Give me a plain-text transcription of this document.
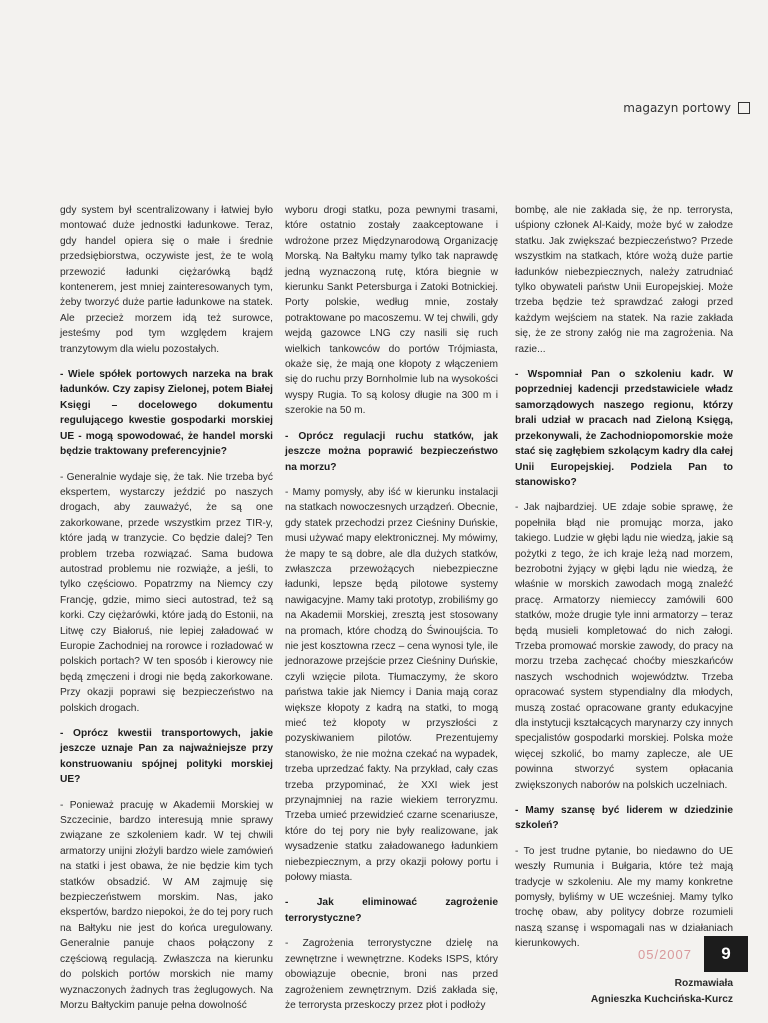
magazyn portowy

gdy system był scentralizowany i łatwiej było montować duże jednostki ładunkowe. Teraz, gdy handel opiera się o małe i średnie przedsiębiorstwa, oczywiste jest, że te wolą przewozić ładunki ciężarówką bądź kontenerem, jest mniej zainteresowanych tym, żeby tworzyć duże partie ładunkowe na statek. Ale przecież morzem idą też surowce, jesteśmy pod tym względem krajem tranzytowym dla wielu pozostałych.

- Wiele spółek portowych narzeka na brak ładunków. Czy zapisy Zielonej, potem Białej Księgi – docelowego dokumentu regulującego kwestie gospodarki morskiej UE - mogą spowodować, że handel morski będzie traktowany preferencyjnie?

- Generalnie wydaje się, że tak. Nie trzeba być ekspertem, wystarczy jeździć po naszych drogach, aby zauważyć, że są one zakorkowane, przede wszystkim przez TIR-y, które jadą w tranzycie. Co będzie dalej? Ten problem trzeba rozwiązać. Sama budowa autostrad problemu nie rozwiąże, a jeśli, to tylko częściowo. Popatrzmy na Niemcy czy Francję, gdzie, mimo sieci autostrad, też są korki. Czy ciężarówki, które jadą do Estonii, na Litwę czy Białoruś, nie lepiej załadować w Europie Zachodniej na rorowce i rozładować w polskich portach? W ten sposób i kierowcy nie będą zmęczeni i drogi nie będą zakorkowane. Przy okazji poprawi się bezpieczeństwo na polskich drogach.

- Oprócz kwestii transportowych, jakie jeszcze uznaje Pan za najważniejsze przy konstruowaniu spójnej polityki morskiej UE?

- Ponieważ pracuję w Akademii Morskiej w Szczecinie, bardzo interesują mnie sprawy związane ze szkoleniem kadr. W tej chwili armatorzy unijni złożyli bardzo wiele zamówień na statki i jest obawa, że nie będzie kim tych statków obsadzić. W AM zajmuję się bezpieczeństwem morskim. Nas, jako ekspertów, bardzo niepokoi, że do tej pory ruch na Bałtyku nie jest do końca uregulowany. Generalnie panuje chaos połączony z częściową regulacją. Zwłaszcza na kierunku do polskich portów morskich nie mamy wyznaczonych żadnych tras żeglugowych. Na Morzu Bałtyckim panuje pełna dowolność

wyboru drogi statku, poza pewnymi trasami, które ostatnio zostały zaakceptowane i wdrożone przez Międzynarodową Organizację Morską. Na Bałtyku mamy tylko tak naprawdę jedną wyznaczoną rutę, która biegnie w kierunku Sankt Petersburga i Zatoki Botnickiej. Porty polskie, według mnie, zostały potraktowane po macoszemu. W tej chwili, gdy wejdą gazowce LNG czy nasili się ruch wielkich tankowców do portów Trójmiasta, okaże się, że mają one kłopoty z włączeniem się do ruchu przy Bornholmie lub na wysokości wyspy Rugia. To są kolosy długie na 300 m i szerokie na 50 m.

- Oprócz regulacji ruchu statków, jak jeszcze można poprawić bezpieczeństwo na morzu?

- Mamy pomysły, aby iść w kierunku instalacji na statkach nowoczesnych urządzeń. Obecnie, gdy statek przechodzi przez Cieśniny Duńskie, musi używać mapy elektronicznej. My mówimy, że mapy te są dobre, ale dla dużych statków, zwłaszcza przewożących niebezpieczne ładunki, lepsze będą pilotowe systemy nawigacyjne. Mamy taki prototyp, zrobiliśmy go na Akademii Morskiej, zresztą jest stosowany na promach, które chodzą do Świnoujścia. To nie jest kosztowna rzecz – cena wynosi tyle, ile jednorazowe przejście przez Cieśniny Duńskie, czyli wzięcie pilota. Tłumaczymy, że skoro państwa takie jak Niemcy i Dania mają coraz większe kłopoty z kadrą na statki, to mogą mieć też kłopoty w przyszłości z pozyskiwaniem pilotów. Prezentujemy stanowisko, że nie można czekać na wypadek, trzeba uprzedzać fakty. Na przykład, cały czas trzeba przypominać, że XXI wiek jest przynajmniej na razie wiekiem terroryzmu. Trzeba umieć przewidzieć czarne scenariusze, które do tej pory nie były realizowane, jak wysadzenie statku załadowanego ładunkiem niebezpiecznym, a przy okazji połowy portu i połowy miasta.

- Jak eliminować zagrożenie terrorystyczne?

- Zagrożenia terrorystyczne dzielę na zewnętrzne i wewnętrzne. Kodeks ISPS, który obowiązuje obecnie, broni nas przed zagrożeniem zewnętrznym. Dziś zakłada się, że terrorysta przeskoczy przez płot i podłoży

bombę, ale nie zakłada się, że np. terrorysta, uśpiony członek Al-Kaidy, może być w załodze statku. Jak zwiększać bezpieczeństwo? Przede wszystkim na statkach, które wożą duże partie ładunków niebezpiecznych, należy zatrudniać tylko obywateli państw Unii Europejskiej. Może trzeba będzie też sprawdzać załogi przed każdym wejściem na statek. Na razie zakłada się, że ze strony załóg nie ma zagrożenia. Na razie...

- Wspomniał Pan o szkoleniu kadr. W poprzedniej kadencji przedstawiciele władz samorządowych naszego regionu, którzy brali udział w pracach nad Zieloną Księgą, przekonywali, że Zachodniopomorskie może stać się zagłębiem szkolącym kadry dla całej Unii Europejskiej. Podziela Pan to stanowisko?

- Jak najbardziej. UE zdaje sobie sprawę, że popełniła błąd nie promując morza, jako takiego. Ludzie w głębi lądu nie wiedzą, jakie są pożytki z tego, że ich kraje leżą nad morzem, bezrobotni żyjący w głębi lądu nie wiedzą, że właśnie w morskich zawodach mogą znaleźć pracę. Armatorzy niemieccy zamówili 600 statków, może drugie tyle inni armatorzy – teraz będą musieli kompletować do nich załogi. Trzeba promować morskie zawody, do pracy na morzu trzeba zachęcać choćby mieszkańców naszych wschodnich województw. Trzeba opracować system stypendialny dla młodych, muszą zostać opracowane granty edukacyjne dla instytucji kształcących marynarzy czy innych specjalistów gospodarki morskiej. Polska może więcej szkolić, bo mamy zaplecze, ale UE powinna stworzyć system opłacania zwiększonych naborów na polskich uczelniach.

- Mamy szansę być liderem w dziedzinie szkoleń?

- To jest trudne pytanie, bo niedawno do UE weszły Rumunia i Bułgaria, które też mają tradycje w szkoleniu. Ale my mamy konkretne pomysły, byliśmy w UE wcześniej. Mamy tylko trochę obaw, aby politycy dobrze rozumieli naszą szansę i wspomagali nas w działaniach kierunkowych.

Rozmawiała
Agnieszka Kuchcińska-Kurcz
05/2007	9
